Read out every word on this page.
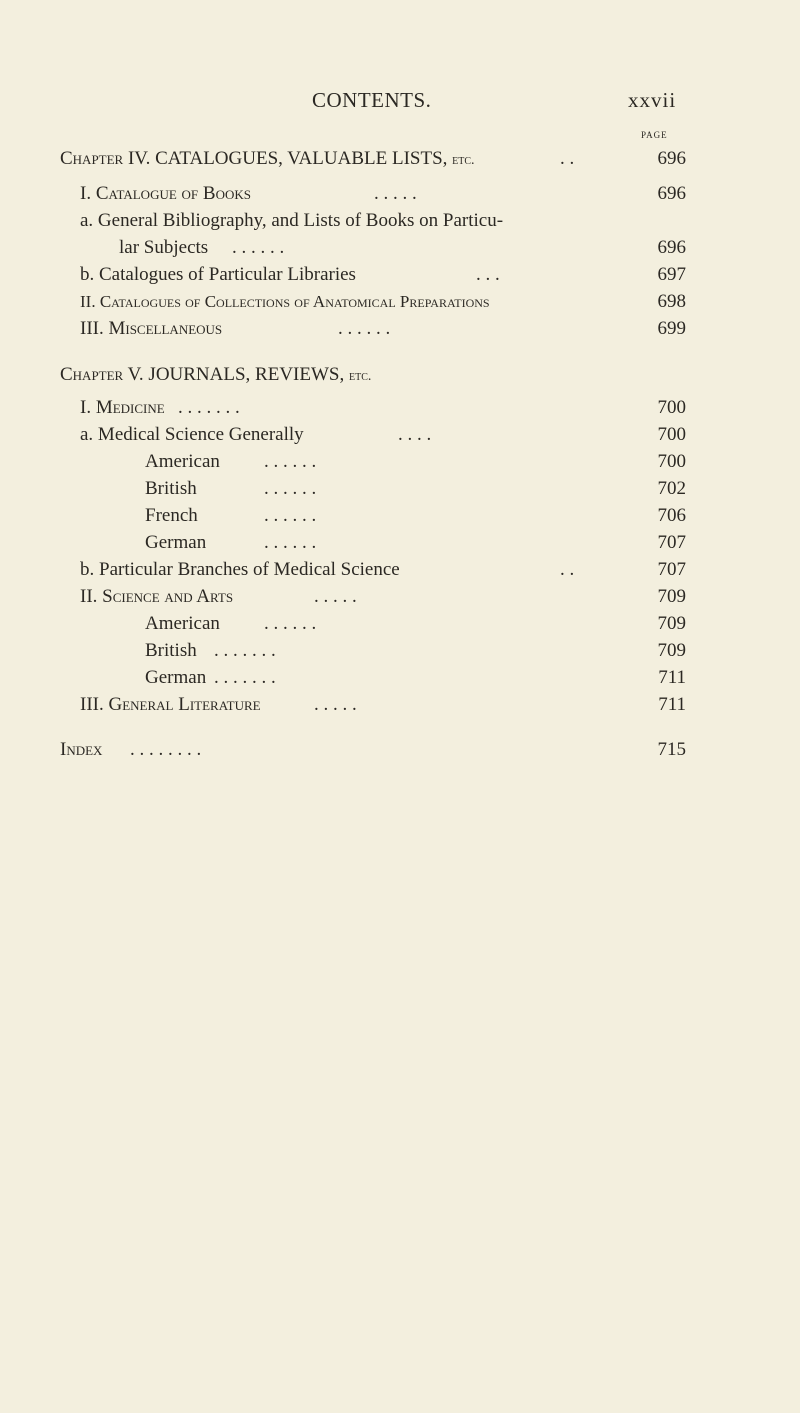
CONTENTS.	xxvii
PAGE
Chapter IV. CATALOGUES, VALUABLE LISTS, etc.	. .	696
I. Catalogue of Books	. . . . .	696
a. General Bibliography, and Lists of Books on Particu-
lar Subjects . . . . . .	696
b. Catalogues of Particular Libraries	. . .	697
II. Catalogues of Collections of Anatomical Preparations	698
III. Miscellaneous	. . . . . .	699
Chapter V. JOURNALS, REVIEWS, etc.
I. Medicine . . . . . . .	700
a. Medical Science Generally	. . . .	700
American . . . . . .	700
British	. . . . . .	702
French	. . . . . .	706
German	. . . . . .	707
b. Particular Branches of Medical Science	. .	707
II. Science and Arts	. . . . .	709
American . . . . . .	709
British . . . . . . .	709
German . . . . . . .	711
III. General Literature	. . . . .	711
Index . . . . . . . .	715
